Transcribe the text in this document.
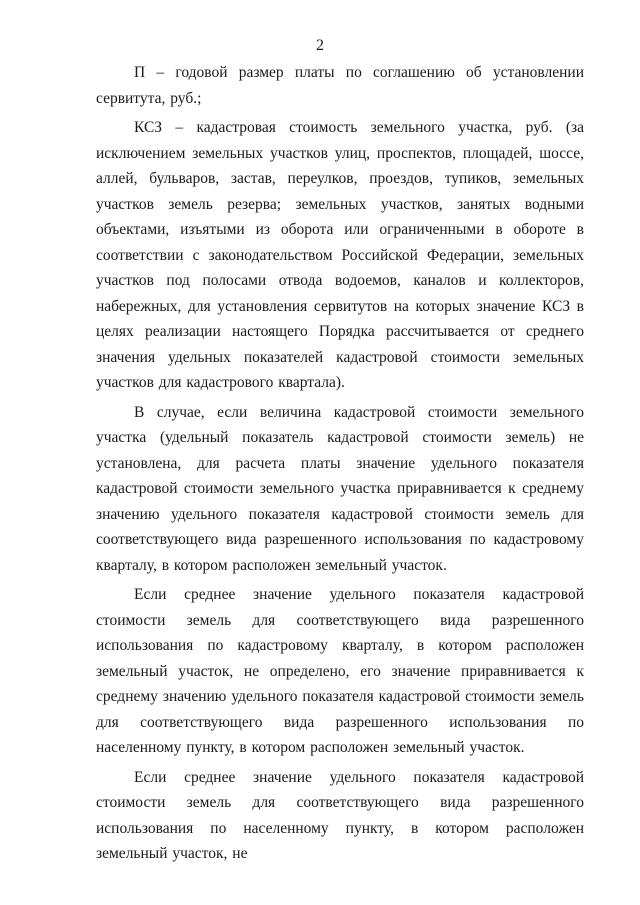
2

П – годовой размер платы по соглашению об установлении сервитута, руб.;

КСЗ – кадастровая стоимость земельного участка, руб. (за исключением земельных участков улиц, проспектов, площадей, шоссе, аллей, бульваров, застав, переулков, проездов, тупиков, земельных участков земель резерва; земельных участков, занятых водными объектами, изъятыми из оборота или ограниченными в обороте в соответствии с законодательством Российской Федерации, земельных участков под полосами отвода водоемов, каналов и коллекторов, набережных, для установления сервитутов на которых значение КСЗ в целях реализации настоящего Порядка рассчитывается от среднего значения удельных показателей кадастровой стоимости земельных участков для кадастрового квартала).

В случае, если величина кадастровой стоимости земельного участка (удельный показатель кадастровой стоимости земель) не установлена, для расчета платы значение удельного показателя кадастровой стоимости земельного участка приравнивается к среднему значению удельного показателя кадастровой стоимости земель для соответствующего вида разрешенного использования по кадастровому кварталу, в котором расположен земельный участок.

Если среднее значение удельного показателя кадастровой стоимости земель для соответствующего вида разрешенного использования по кадастровому кварталу, в котором расположен земельный участок, не определено, его значение приравнивается к среднему значению удельного показателя кадастровой стоимости земель для соответствующего вида разрешенного использования по населенному пункту, в котором расположен земельный участок.

Если среднее значение удельного показателя кадастровой стоимости земель для соответствующего вида разрешенного использования по населенному пункту, в котором расположен земельный участок, не
